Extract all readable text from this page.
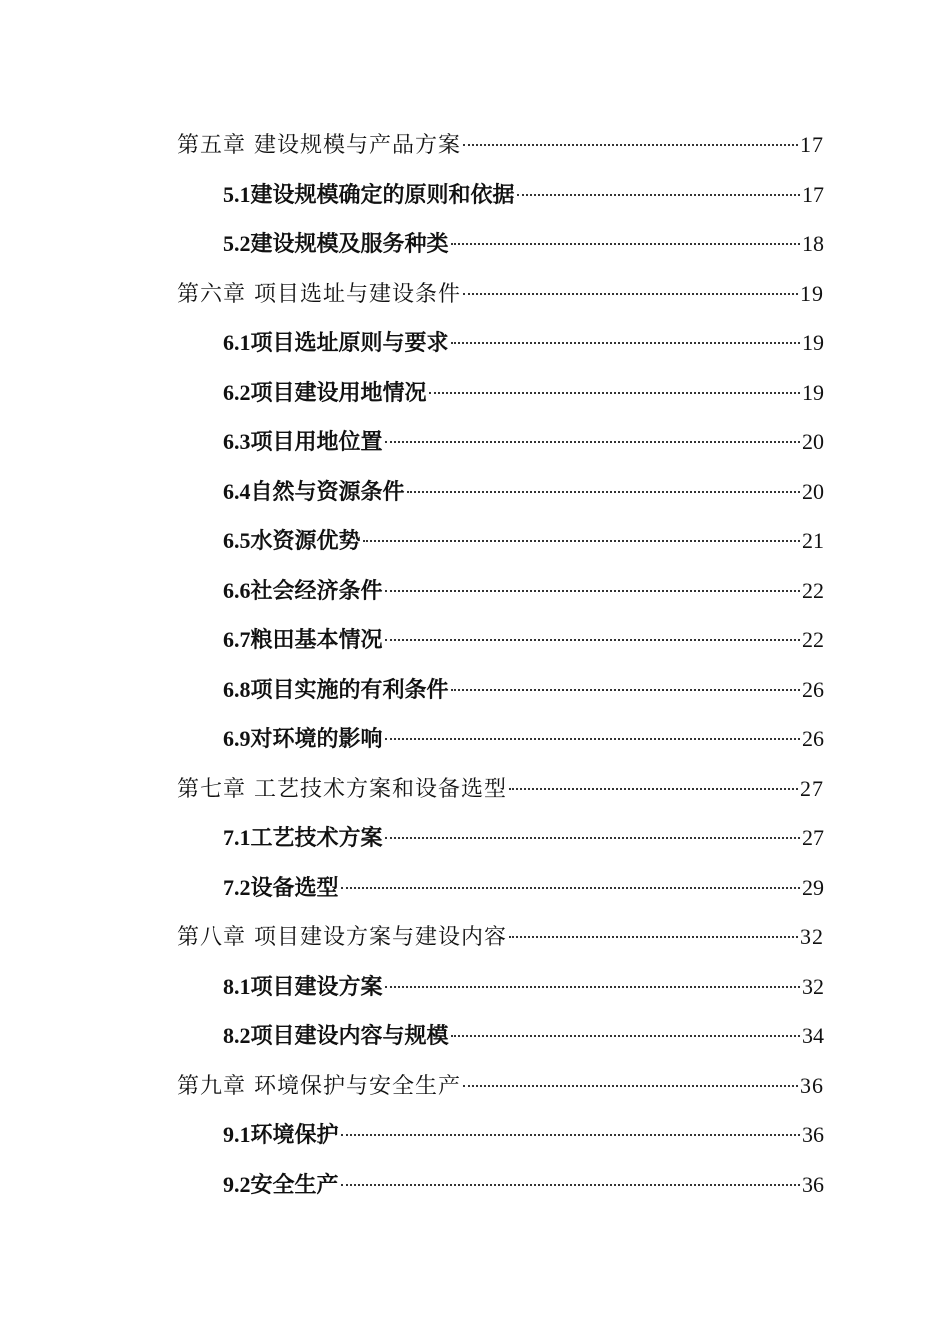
第五章 建设规模与产品方案	17
5.1 建设规模确定的原则和依据	17
5.2 建设规模及服务种类	18
第六章 项目选址与建设条件	19
6.1 项目选址原则与要求	19
6.2 项目建设用地情况	19
6.3 项目用地位置	20
6.4 自然与资源条件	20
6.5 水资源优势	21
6.6 社会经济条件	22
6.7 粮田基本情况	22
6.8 项目实施的有利条件	26
6.9 对环境的影响	26
第七章 工艺技术方案和设备选型	27
7.1 工艺技术方案	27
7.2 设备选型	29
第八章 项目建设方案与建设内容	32
8.1 项目建设方案	32
8.2 项目建设内容与规模	34
第九章 环境保护与安全生产	36
9.1 环境保护	36
9.2 安全生产	36
